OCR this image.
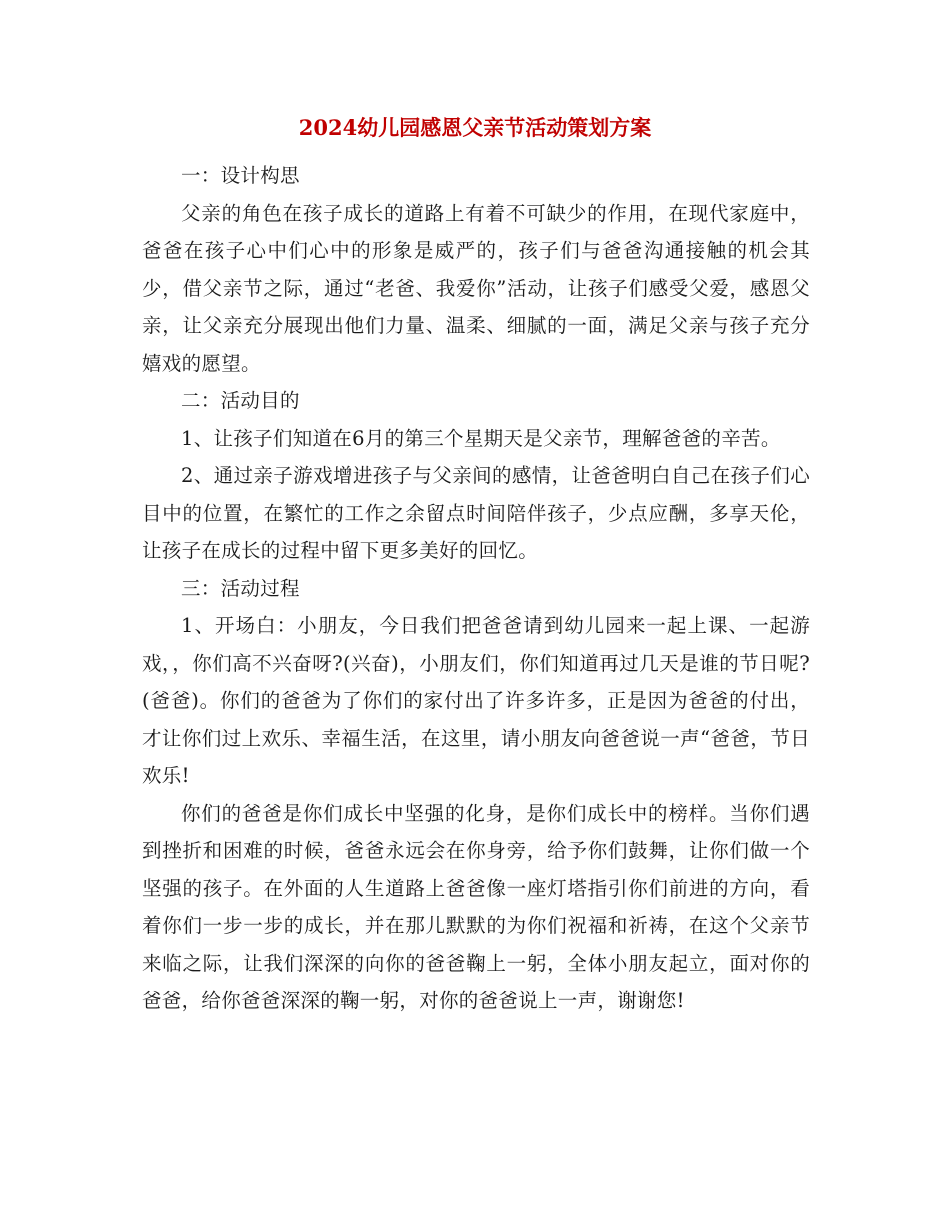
2024幼儿园感恩父亲节活动策划方案

一：设计构思

父亲的角色在孩子成长的道路上有着不可缺少的作用，在现代家庭中，爸爸在孩子心中们心中的形象是威严的，孩子们与爸爸沟通接触的机会其少，借父亲节之际，通过“老爸、我爱你”活动，让孩子们感受父爱，感恩父亲，让父亲充分展现出他们力量、温柔、细腻的一面，满足父亲与孩子充分嬉戏的愿望。

二：活动目的

1、让孩子们知道在6月的第三个星期天是父亲节，理解爸爸的辛苦。

2、通过亲子游戏增进孩子与父亲间的感情，让爸爸明白自己在孩子们心目中的位置，在繁忙的工作之余留点时间陪伴孩子，少点应酬，多享天伦，让孩子在成长的过程中留下更多美好的回忆。

三：活动过程

1、开场白：小朋友，今日我们把爸爸请到幼儿园来一起上课、一起游戏，，你们高不兴奋呀?(兴奋)，小朋友们，你们知道再过几天是谁的节日呢?(爸爸)。你们的爸爸为了你们的家付出了许多许多，正是因为爸爸的付出，才让你们过上欢乐、幸福生活，在这里，请小朋友向爸爸说一声“爸爸，节日欢乐!

你们的爸爸是你们成长中坚强的化身，是你们成长中的榜样。当你们遇到挫折和困难的时候，爸爸永远会在你身旁，给予你们鼓舞，让你们做一个坚强的孩子。在外面的人生道路上爸爸像一座灯塔指引你们前进的方向，看着你们一步一步的成长，并在那儿默默的为你们祝福和祈祷，在这个父亲节来临之际，让我们深深的向你的爸爸鞠上一躬，全体小朋友起立，面对你的爸爸，给你爸爸深深的鞠一躬，对你的爸爸说上一声，谢谢您!
